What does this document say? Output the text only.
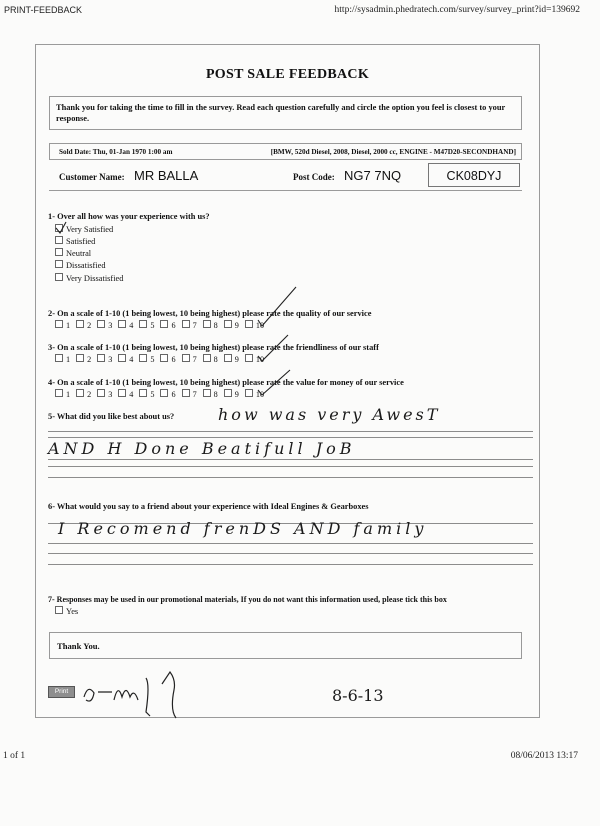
PRINT-FEEDBACK	http://sysadmin.phedratech.com/survey/survey_print?id=139692
POST SALE FEEDBACK
Thank you for taking the time to fill in the survey. Read each question carefully and circle the option you feel is closest to your response.
Sold Date: Thu, 01-Jan 1970 1:00 am	[BMW, 520d Diesel, 2008, Diesel, 2000 cc, ENGINE - M47D20-SECONDHAND]
Customer Name: MR BALLA	Post Code: NG7 7NQ	CK08DYJ
1- Over all how was your experience with us?
Very Satisfied
Satisfied
Neutral
Dissatisfied
Very Dissatisfied
2- On a scale of 1-10 (1 being lowest, 10 being highest) please rate the quality of our service
1 2 3 4 5 6 7 8 9 10
3- On a scale of 1-10 (1 being lowest, 10 being highest) please rate the friendliness of our staff
1 2 3 4 5 6 7 8 9 10
4- On a scale of 1-10 (1 being lowest, 10 being highest) please rate the value for money of our service
1 2 3 4 5 6 7 8 9 10
5- What did you like best about us?	how was very AwesT
AND H Done Beatifull JoB
6- What would you say to a friend about your experience with Ideal Engines & Gearboxes
I Recomend frenDS AND family
7- Responses may be used in our promotional materials, If you do not want this information used, please tick this box
Yes
Thank You.
Print	8-6-13
1 of 1	08/06/2013 13:17
